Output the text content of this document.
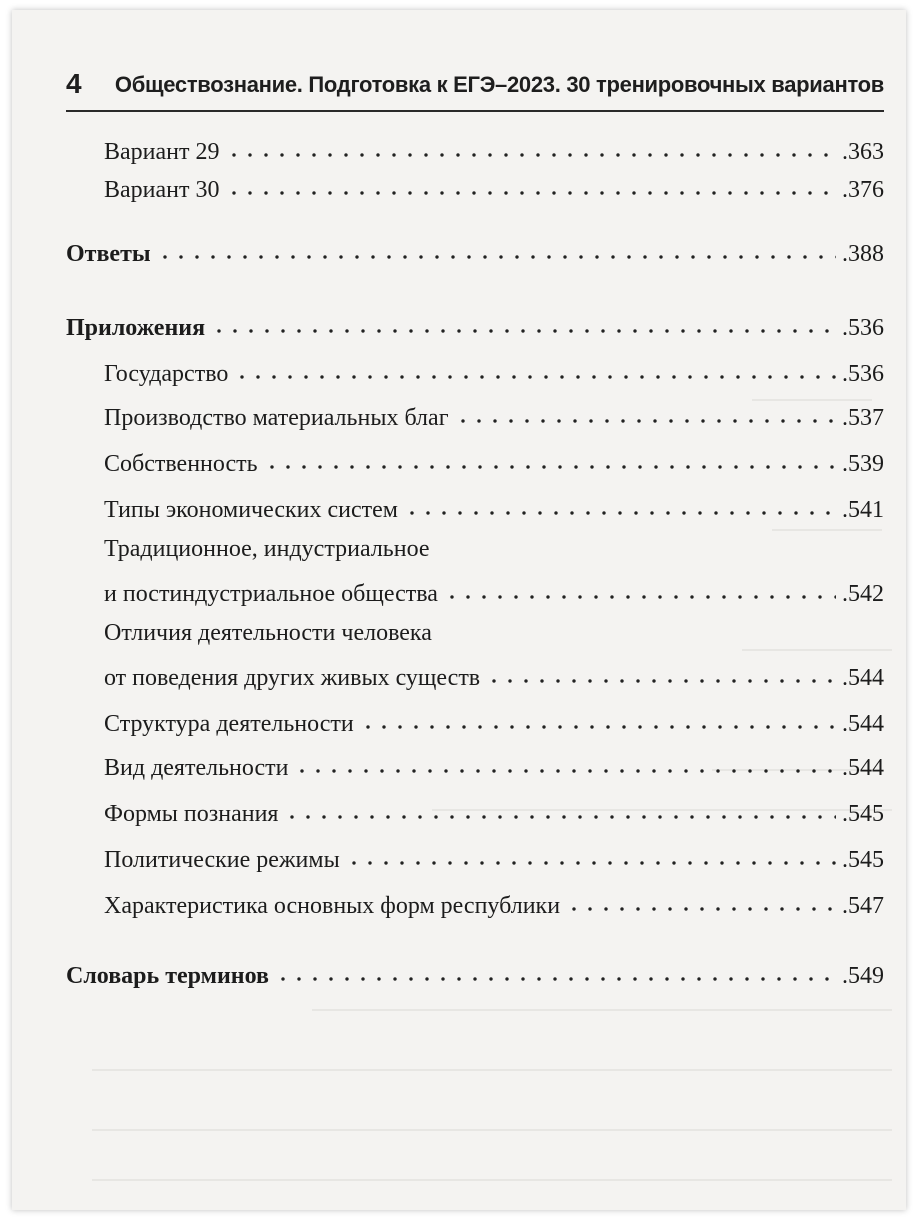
4 Обществознание. Подготовка к ЕГЭ–2023. 30 тренировочных вариантов
Вариант 29	.363
Вариант 30	.376
Ответы	.388
Приложения	.536
Государство	.536
Производство материальных благ	.537
Собственность	.539
Типы экономических систем	.541
Традиционное, индустриальное
и постиндустриальное общества	.542
Отличия деятельности человека
от поведения других живых существ	.544
Структура деятельности	.544
Вид деятельности	.544
Формы познания	.545
Политические режимы	.545
Характеристика основных форм республики	.547
Словарь терминов	.549
